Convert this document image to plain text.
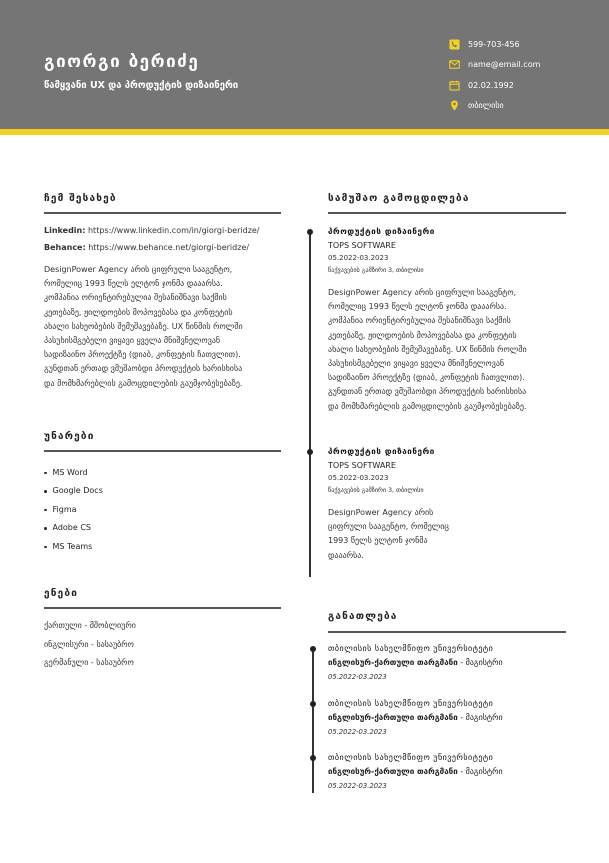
გიორგი ბერიძე
წამყვანი UX და პროდუქტის დიზაინერი
599-703-456
name@email.com
02.02.1992
თბილისი
ჩემ შესახებ
Linkedin: https://www.linkedin.com/in/giorgi-beridze/
Behance: https://www.behance.net/giorgi-beridze/
DesignPower Agency არის ციფრული სააგენტო,
რომელიც 1993 წელს ელტონ ჯონმა დააარსა.
კომპანია ორიენტირებულია შესანიშნავი საქმის
კეთებაზე, ჟილდოების მოპოვებასა და კონფეტის
ახალი სახეობების შემუშავებაზე. UX წინმის როლში
პასუხისმგებელი ვიყავი ყველა მნიშვნელოვან
სადიზაინო პროექტზე (დიაბ, კონფეტის ჩათვლით).
გუნდთან ერთად ვმუშაობდი პროდუქტის ხარისხისა
და მომხმარებლის გამოცდილების გაუმჯობესებაზე.
უნარები
MS Word
Google Docs
Figma
Adobe CS
MS Teams
ენები
ქართული - მშობლიური
ინგლისური - სასაუბრო
გერმანული - სასაუბრო
სამუშაო გამოცდილება
პროდუქტის დიზაინერი
TOPS SOFTWARE
05.2022-03.2023
წაქვავების გამზირი 3, თბილისი
DesignPower Agency არის ციფრული სააგენტო,
რომელიც 1993 წელს ელტონ ჯონმა დააარსა.
კომპანია ორიენტირებულია შესანიშნავი საქმის
კეთებაზე, ჟილდოების მოპოვებასა და კონფეტის
ახალი სახეობების შემუშავებაზე. UX წინმის როლში
პასუხისმგებელი ვიყავი ყველა მნიშვნელოვან
სადიზაინო პროექტზე (დიაბ, კონფეტის ჩათვლით).
გუნდთან ერთად ვმუშაობდი პროდუქტის ხარისხისა
და მომხმარებლის გამოცდილების გაუმჯობესებაზე.
პროდუქტის დიზაინერი
TOPS SOFTWARE
05.2022-03.2023
წაქვავების გამზირი 3, თბილისი
DesignPower Agency არის
ციფრული სააგენტო, რომელიც
1993 წელს ელტონ ჯონმა
დააარსა.
განათლება
თბილისის სახელმწიფო უნივერსიტეტი
ინგლისურ-ქართული თარგმანი - მაგისტრი
05.2022-03.2023
თბილისის სახელმწიფო უნივერსიტეტი
ინგლისურ-ქართული თარგმანი - მაგისტრი
05.2022-03.2023
თბილისის სახელმწიფო უნივერსიტეტი
ინგლისურ-ქართული თარგმანი - მაგისტრი
05.2022-03.2023
